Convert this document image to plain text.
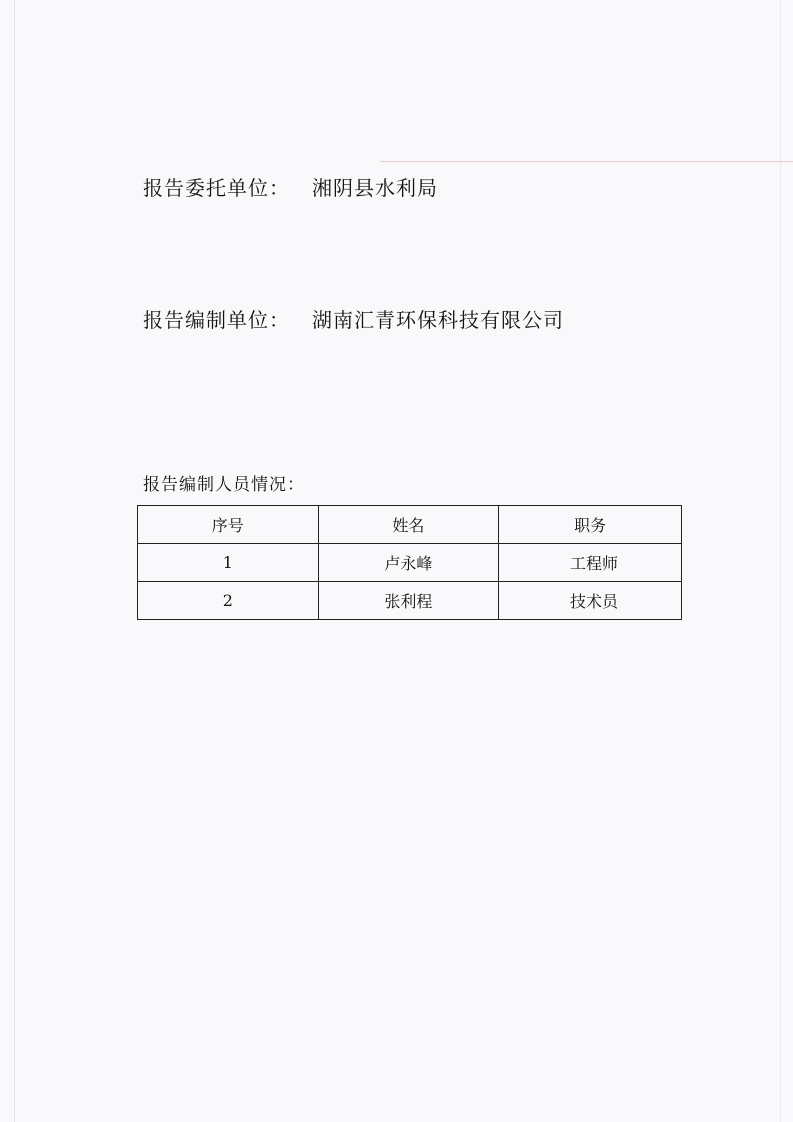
报告委托单位： 湘阴县水利局
报告编制单位： 湖南汇青环保科技有限公司
报告编制人员情况：
序号	姓名	职务
1	卢永峰	工程师
2	张利程	技术员
